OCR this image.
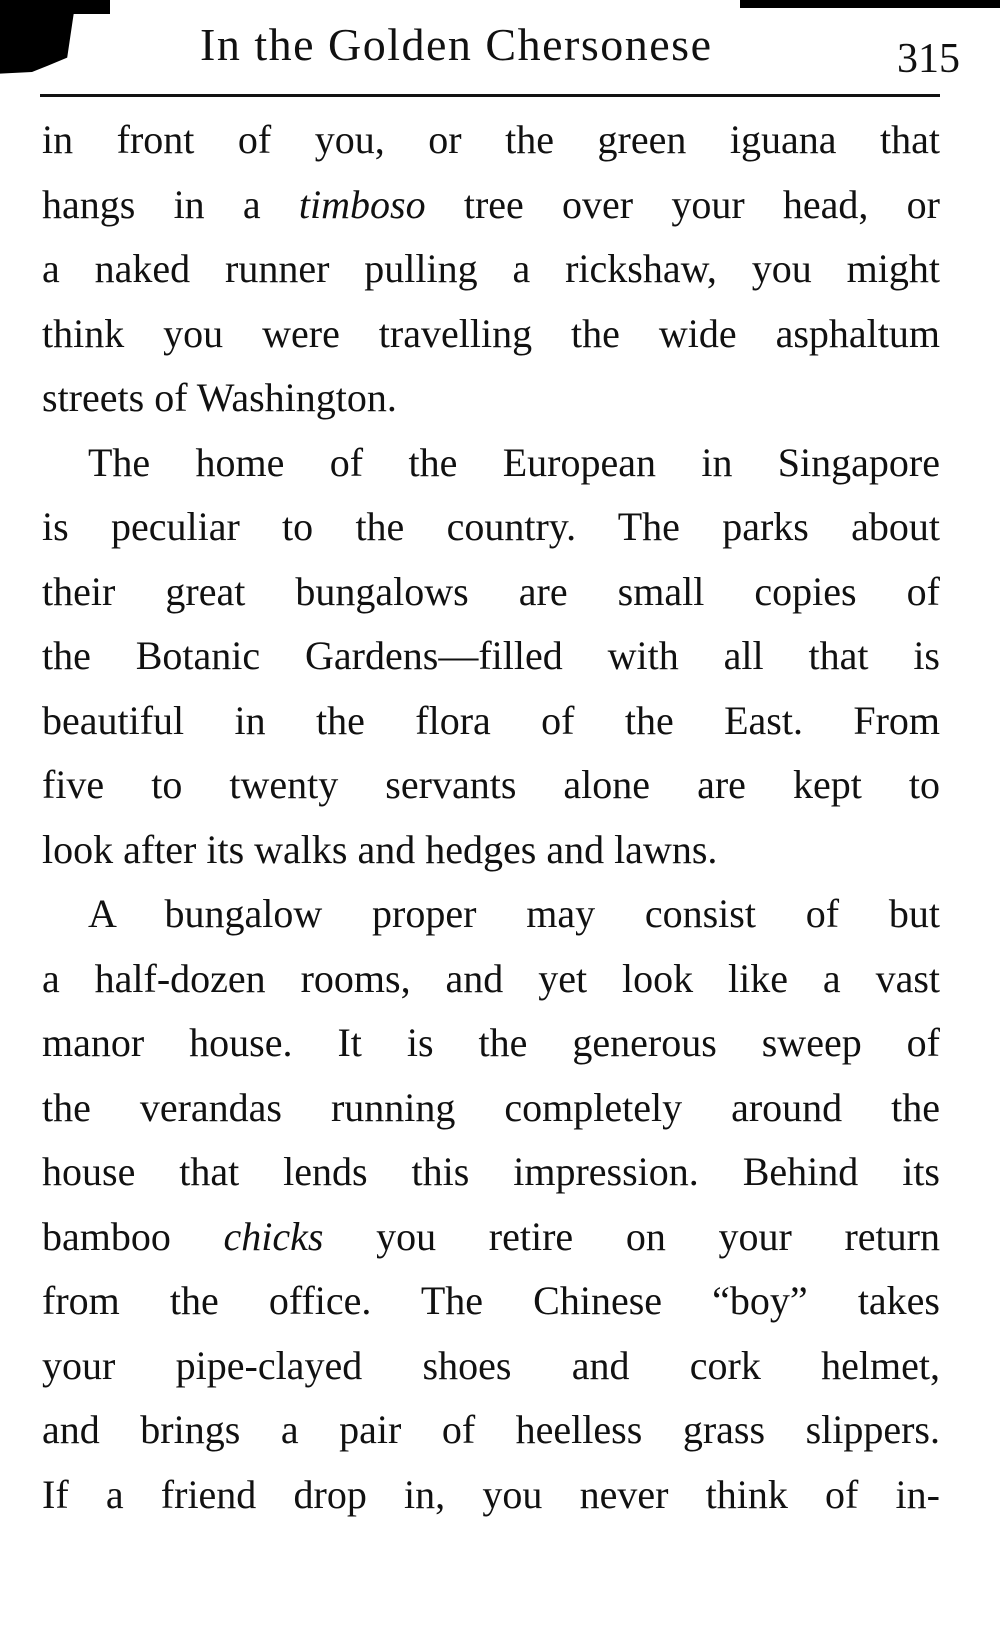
In the Golden Chersonese	315
in front of you, or the green iguana that
hangs in a timboso tree over your head, or
a naked runner pulling a rickshaw, you might
think you were travelling the wide asphaltum
streets of Washington.
The home of the European in Singapore
is peculiar to the country. The parks about
their great bungalows are small copies of
the Botanic Gardens—filled with all that is
beautiful in the flora of the East. From
five to twenty servants alone are kept to
look after its walks and hedges and lawns.
A bungalow proper may consist of but
a half-dozen rooms, and yet look like a vast
manor house. It is the generous sweep of
the verandas running completely around the
house that lends this impression. Behind its
bamboo chicks you retire on your return
from the office. The Chinese “boy” takes
your pipe-clayed shoes and cork helmet,
and brings a pair of heelless grass slippers.
If a friend drop in, you never think of in-
